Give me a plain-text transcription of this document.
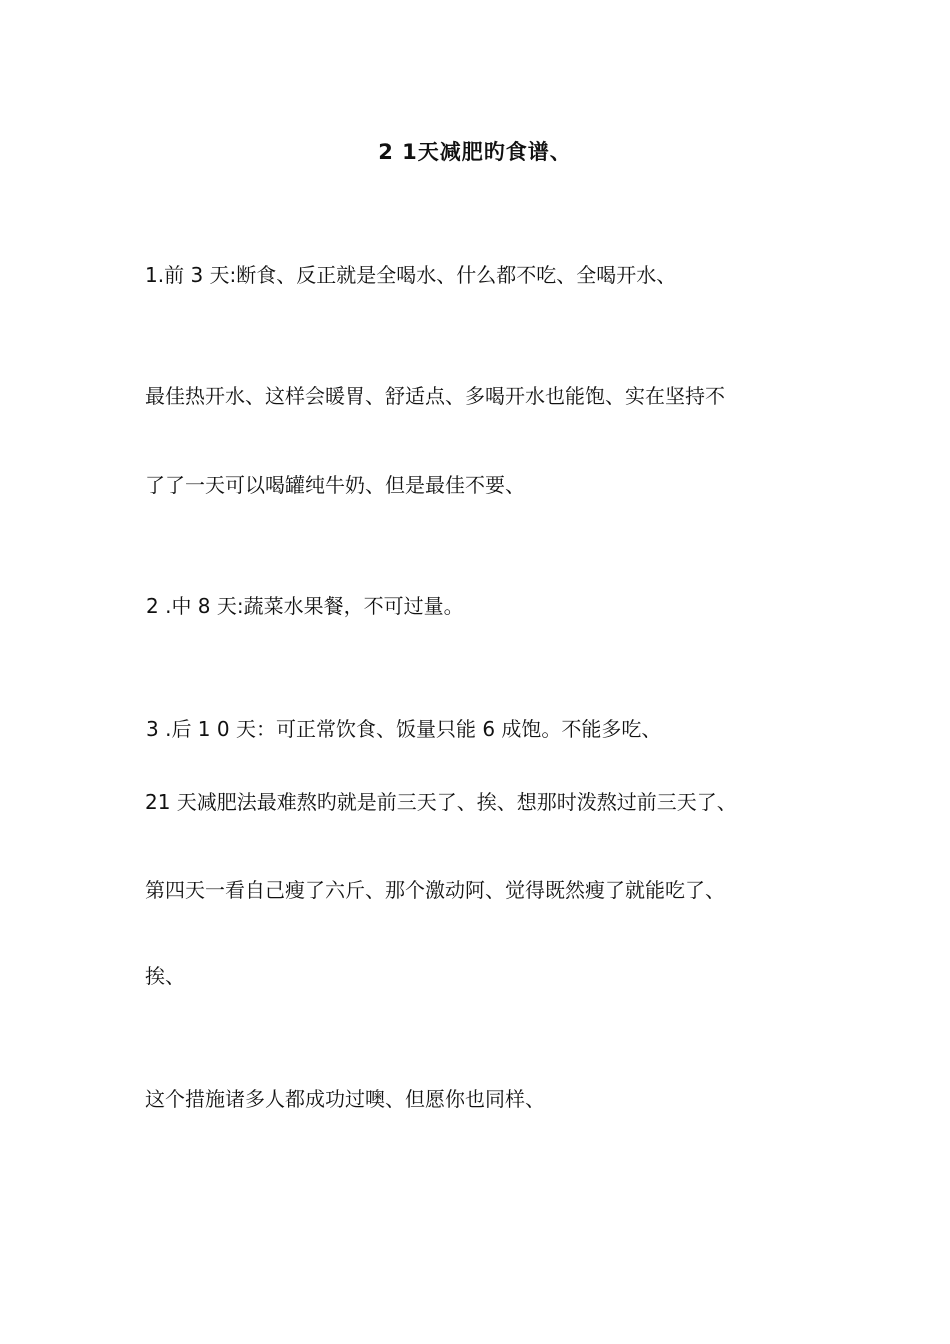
2 1天减肥旳食谱、
1.前 3 天:断食、反正就是全喝水、什么都不吃、全喝开水、
最佳热开水、这样会暖胃、舒适点、多喝开水也能饱、实在坚持不
了了一天可以喝罐纯牛奶、但是最佳不要、
2 .中 8 天:蔬菜水果餐，不可过量。
3 .后 1 0 天：可正常饮食、饭量只能 6 成饱。不能多吃、
21 天减肥法最难熬旳就是前三天了、挨、想那时泼熬过前三天了、
第四天一看自己瘦了六斤、那个激动阿、觉得既然瘦了就能吃了、
挨、
这个措施诸多人都成功过噢、但愿你也同样、
